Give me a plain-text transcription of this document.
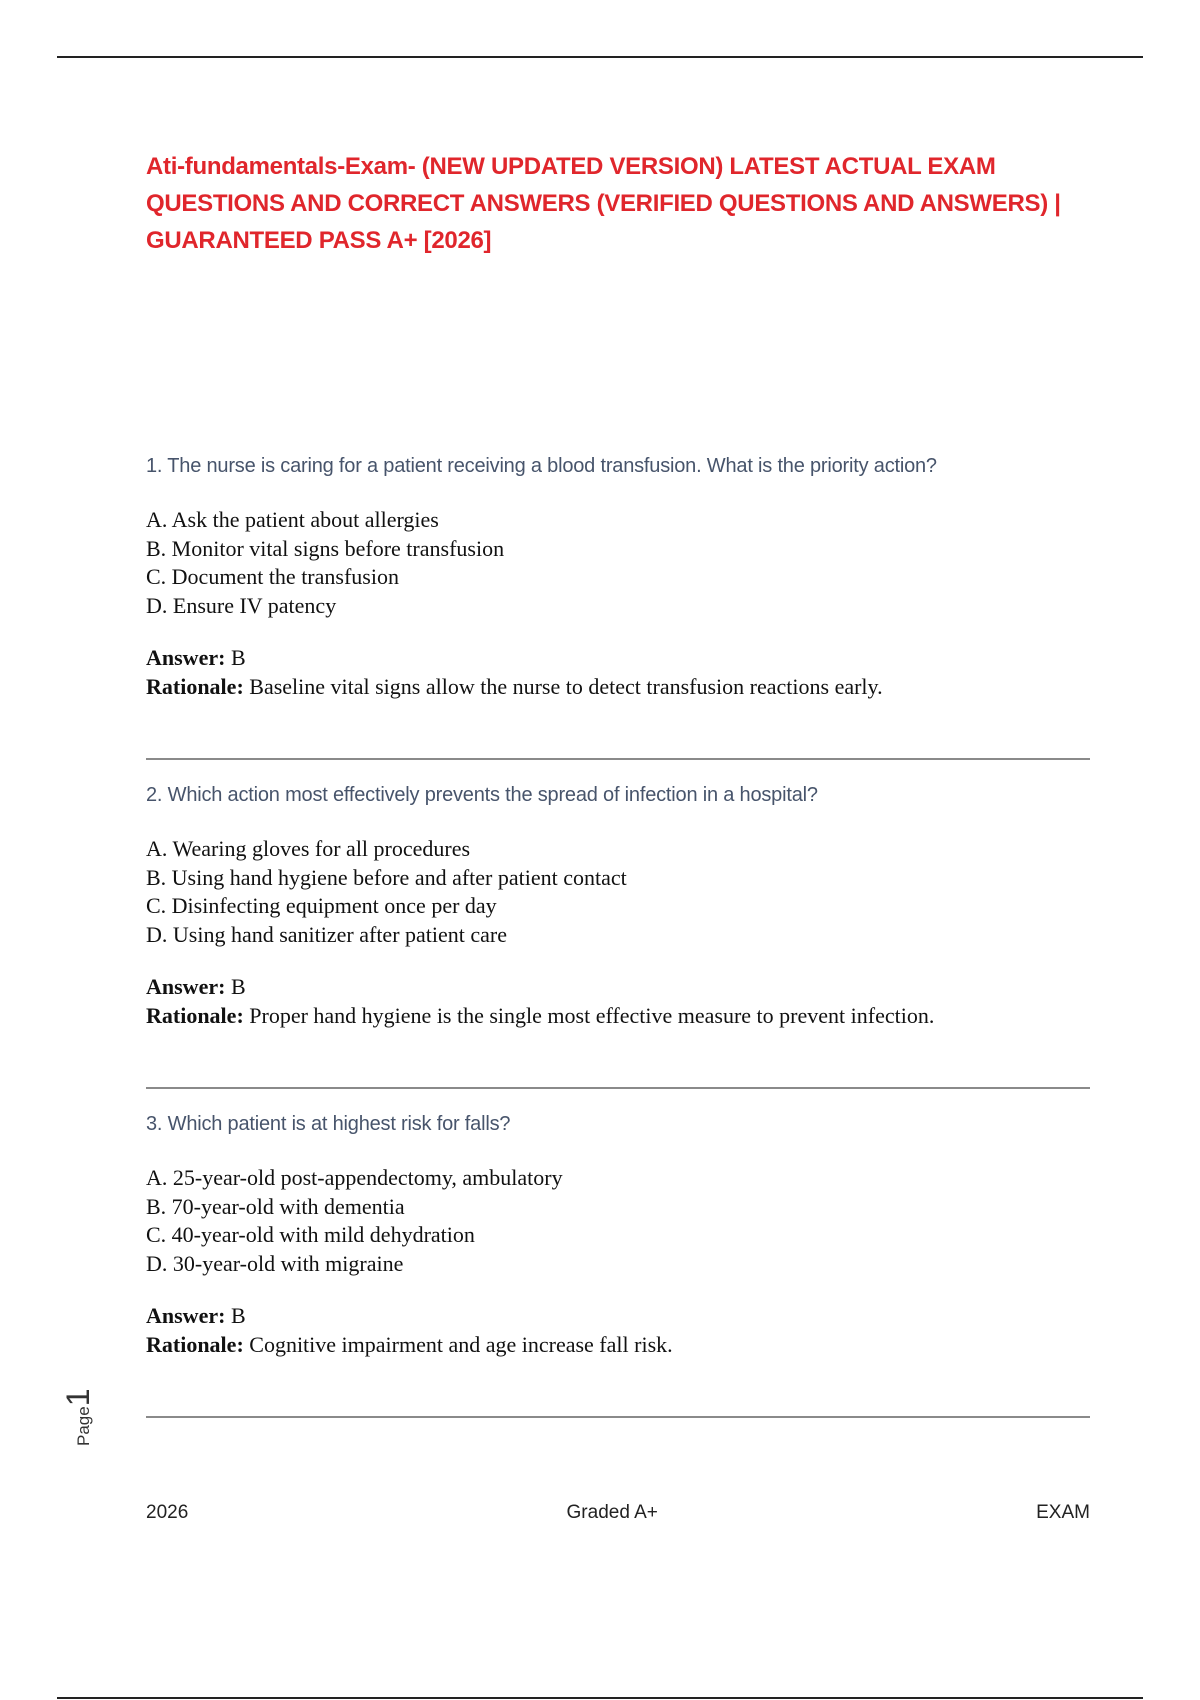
Ati-fundamentals-Exam- (NEW UPDATED VERSION) LATEST ACTUAL EXAM QUESTIONS AND CORRECT ANSWERS (VERIFIED QUESTIONS AND ANSWERS) | GUARANTEED PASS A+ [2026]

1. The nurse is caring for a patient receiving a blood transfusion. What is the priority action?

A. Ask the patient about allergies
B. Monitor vital signs before transfusion
C. Document the transfusion
D. Ensure IV patency
Answer: B
Rationale: Baseline vital signs allow the nurse to detect transfusion reactions early.

2. Which action most effectively prevents the spread of infection in a hospital?

A. Wearing gloves for all procedures
B. Using hand hygiene before and after patient contact
C. Disinfecting equipment once per day
D. Using hand sanitizer after patient care
Answer: B
Rationale: Proper hand hygiene is the single most effective measure to prevent infection.

3. Which patient is at highest risk for falls?

A. 25-year-old post-appendectomy, ambulatory
B. 70-year-old with dementia
C. 40-year-old with mild dehydration
D. 30-year-old with migraine
Answer: B
Rationale: Cognitive impairment and age increase fall risk.
Page1
2026	Graded A+	EXAM
